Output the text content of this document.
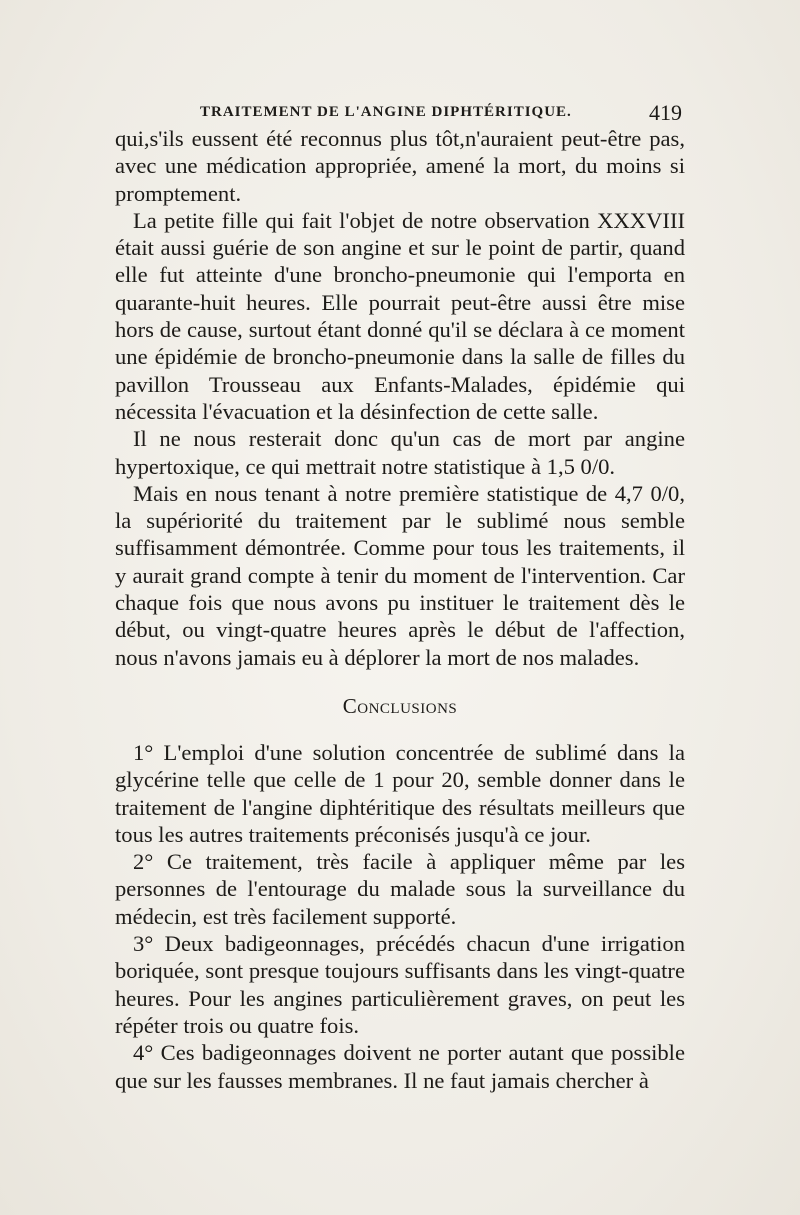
TRAITEMENT DE L'ANGINE DIPHTÉRITIQUE.	419

qui,s'ils eussent été reconnus plus tôt,n'auraient peut-être pas, avec une médication appropriée, amené la mort, du moins si promptement.

La petite fille qui fait l'objet de notre observation XXXVIII était aussi guérie de son angine et sur le point de partir, quand elle fut atteinte d'une broncho-pneumonie qui l'emporta en quarante-huit heures. Elle pourrait peut-être aussi être mise hors de cause, surtout étant donné qu'il se déclara à ce moment une épidémie de broncho-pneumonie dans la salle de filles du pavillon Trousseau aux Enfants-Malades, épidémie qui nécessita l'évacuation et la désinfection de cette salle.

Il ne nous resterait donc qu'un cas de mort par angine hypertoxique, ce qui mettrait notre statistique à 1,5 0/0.

Mais en nous tenant à notre première statistique de 4,7 0/0, la supériorité du traitement par le sublimé nous semble suffisamment démontrée. Comme pour tous les traitements, il y aurait grand compte à tenir du moment de l'intervention. Car chaque fois que nous avons pu instituer le traitement dès le début, ou vingt-quatre heures après le début de l'affection, nous n'avons jamais eu à déplorer la mort de nos malades.

Conclusions

1° L'emploi d'une solution concentrée de sublimé dans la glycérine telle que celle de 1 pour 20, semble donner dans le traitement de l'angine diphtéritique des résultats meilleurs que tous les autres traitements préconisés jusqu'à ce jour.

2° Ce traitement, très facile à appliquer même par les personnes de l'entourage du malade sous la surveillance du médecin, est très facilement supporté.

3° Deux badigeonnages, précédés chacun d'une irrigation boriquée, sont presque toujours suffisants dans les vingt-quatre heures. Pour les angines particulièrement graves, on peut les répéter trois ou quatre fois.

4° Ces badigeonnages doivent ne porter autant que possible que sur les fausses membranes. Il ne faut jamais chercher à
